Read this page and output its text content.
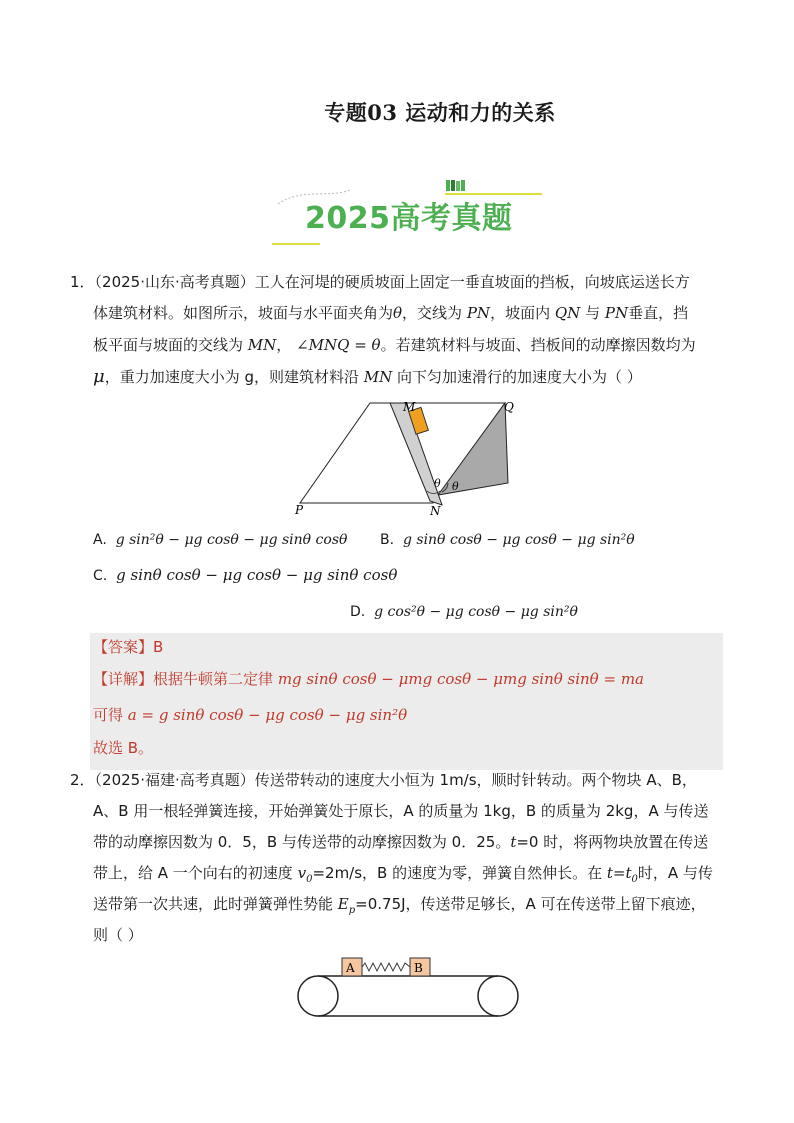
专题03 运动和力的关系
2025高考真题
1．（2025·山东·高考真题）工人在河堤的硬质坡面上固定一垂直坡面的挡板，向坡底运送长方
体建筑材料。如图所示，坡面与水平面夹角为θ，交线为 PN，坡面内 QN 与 PN垂直，挡
板平面与坡面的交线为 MN， ∠MNQ = θ。若建筑材料与坡面、挡板间的动摩擦因数均为
μ，重力加速度大小为 g，则建筑材料沿 MN 向下匀加速滑行的加速度大小为（ ）
M	Q
P	N
θ θ
A. g sin²θ − μg cosθ − μg sinθ cosθ B. g sinθ cosθ − μg cosθ − μg sin²θ
C. g sinθ cosθ − μg cosθ − μg sinθ cosθ
D. g cos²θ − μg cosθ − μg sin²θ
【答案】B
【详解】根据牛顿第二定律 mg sinθ cosθ − μmg cosθ − μmg sinθ sinθ = ma
可得 a = g sinθ cosθ − μg cosθ − μg sin²θ
故选 B。
2．（2025·福建·高考真题）传送带转动的速度大小恒为 1m/s，顺时针转动。两个物块 A、B，
A、B 用一根轻弹簧连接，开始弹簧处于原长，A 的质量为 1kg，B 的质量为 2kg，A 与传送
带的动摩擦因数为 0．5，B 与传送带的动摩擦因数为 0．25。t=0 时，将两物块放置在传送
带上，给 A 一个向右的初速度 $v_0=2m/s$，B 的速度为零，弹簧自然伸长。在 $t=t_0$时，A 与传
送带第一次共速，此时弹簧弹性势能 $E_p=0.75J$，传送带足够长，A 可在传送带上留下痕迹，
则（ ）
A	B
